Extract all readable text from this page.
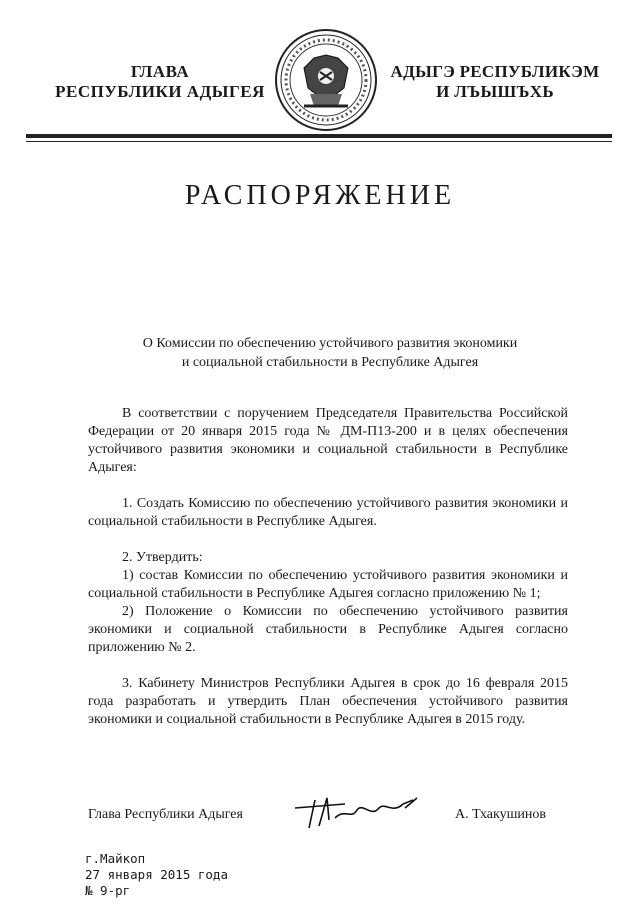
ГЛАВА
РЕСПУБЛИКИ АДЫГЕЯ
АДЫГЭ РЕСПУБЛИКЭМ
И ЛЪЫШЪХЬ
РАСПОРЯЖЕНИЕ
О Комиссии по обеспечению устойчивого развития экономики
и социальной стабильности в Республике Адыгея

В соответствии с поручением Председателя Правительства Российской Федерации от 20 января 2015 года № ДМ-П13-200 и в целях обеспечения устойчивого развития экономики и социальной стабильности в Республике Адыгея:

1. Создать Комиссию по обеспечению устойчивого развития экономики и социальной стабильности в Республике Адыгея.

2. Утвердить:

1) состав Комиссии по обеспечению устойчивого развития экономики и социальной стабильности в Республике Адыгея согласно приложению № 1;

2) Положение о Комиссии по обеспечению устойчивого развития экономики и социальной стабильности в Республике Адыгея согласно приложению № 2.

3. Кабинету Министров Республики Адыгея в срок до 16 февраля 2015 года разработать и утвердить План обеспечения устойчивого развития экономики и социальной стабильности в Республике Адыгея в 2015 году.

Глава Республики Адыгея	А. Тхакушинов
г.Майкоп
27 января 2015 года
№ 9-рг
